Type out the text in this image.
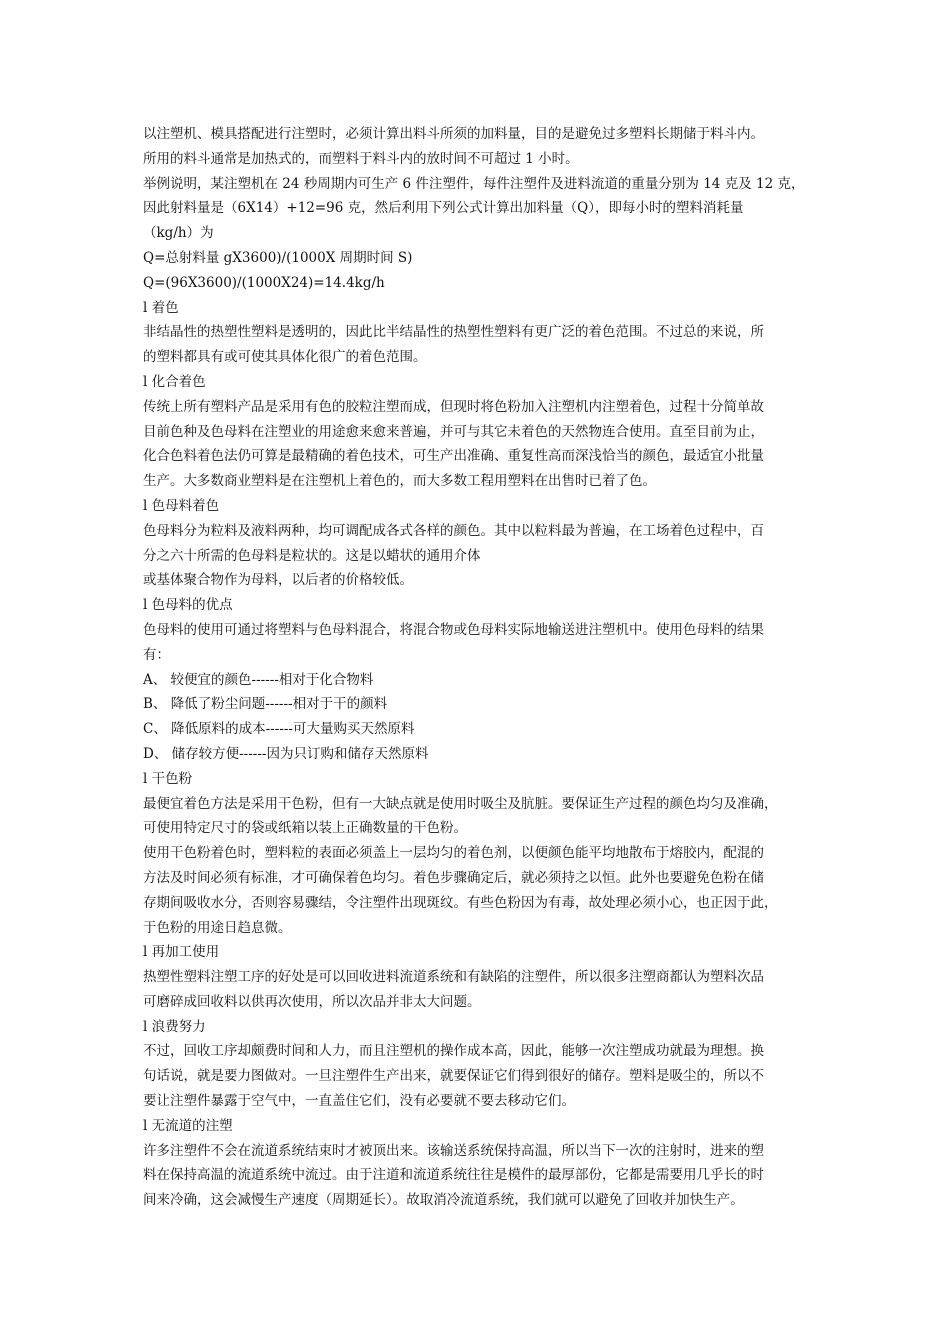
以注塑机、模具搭配进行注塑时，必须计算出料斗所须的加料量，目的是避免过多塑料长期储于料斗内。
所用的料斗通常是加热式的，而塑料于料斗内的放时间不可超过 1 小时。
举例说明，某注塑机在 24 秒周期内可生产 6 件注塑件，每件注塑件及进料流道的重量分别为 14 克及 12 克，
因此射料量是（6X14）+12=96 克，然后利用下列公式计算出加料量（Q），即每小时的塑料消耗量
（kg/h）为
Q=总射料量 gX3600)/(1000X 周期时间 S)
Q=(96X3600)/(1000X24)=14.4kg/h
l 着色
非结晶性的热塑性塑料是透明的，因此比半结晶性的热塑性塑料有更广泛的着色范围。不过总的来说，所
的塑料都具有或可使其具体化很广的着色范围。
l 化合着色
传统上所有塑料产品是采用有色的胶粒注塑而成，但现时将色粉加入注塑机内注塑着色，过程十分简单故
目前色种及色母料在注塑业的用途愈来愈来普遍，并可与其它未着色的天然物连合使用。直至目前为止，
化合色料着色法仍可算是最精确的着色技术，可生产出准确、重复性高而深浅恰当的颜色，最适宜小批量
生产。大多数商业塑料是在注塑机上着色的，而大多数工程用塑料在出售时已着了色。
l 色母料着色
色母料分为粒料及液料两种，均可调配成各式各样的颜色。其中以粒料最为普遍，在工场着色过程中，百
分之六十所需的色母料是粒状的。这是以蜡状的通用介体
或基体聚合物作为母料，以后者的价格较低。
l 色母料的优点
色母料的使用可通过将塑料与色母料混合，将混合物或色母料实际地输送进注塑机中。使用色母料的结果
有：
A、 较便宜的颜色------相对于化合物料
B、 降低了粉尘问题------相对于干的颜料
C、 降低原料的成本------可大量购买天然原料
D、 储存较方便------因为只订购和储存天然原料
l 干色粉
最便宜着色方法是采用干色粉，但有一大缺点就是使用时吸尘及肮脏。要保证生产过程的颜色均匀及准确，
可使用特定尺寸的袋或纸箱以装上正确数量的干色粉。
使用干色粉着色时，塑料粒的表面必须盖上一层均匀的着色剂，以便颜色能平均地散布于熔胶内，配混的
方法及时间必须有标准，才可确保着色均匀。着色步骤确定后，就必须持之以恒。此外也要避免色粉在储
存期间吸收水分，否则容易骤结，令注塑件出现斑纹。有些色粉因为有毒，故处理必须小心，也正因于此，
于色粉的用途日趋息微。
l 再加工使用
热塑性塑料注塑工序的好处是可以回收进料流道系统和有缺陷的注塑件，所以很多注塑商都认为塑料次品
可磨碎成回收料以供再次使用，所以次品并非太大问题。
l 浪费努力
不过，回收工序却颇费时间和人力，而且注塑机的操作成本高，因此，能够一次注塑成功就最为理想。换
句话说，就是要力图做对。一旦注塑件生产出来，就要保证它们得到很好的储存。塑料是吸尘的，所以不
要让注塑件暴露于空气中，一直盖住它们，没有必要就不要去移动它们。
l 无流道的注塑
许多注塑件不会在流道系统结束时才被顶出来。该输送系统保持高温，所以当下一次的注射时，进来的塑
料在保持高温的流道系统中流过。由于注道和流道系统往往是模件的最厚部份，它都是需要用几乎长的时
间来冷确，这会减慢生产速度（周期延长）。故取消冷流道系统，我们就可以避免了回收并加快生产。
